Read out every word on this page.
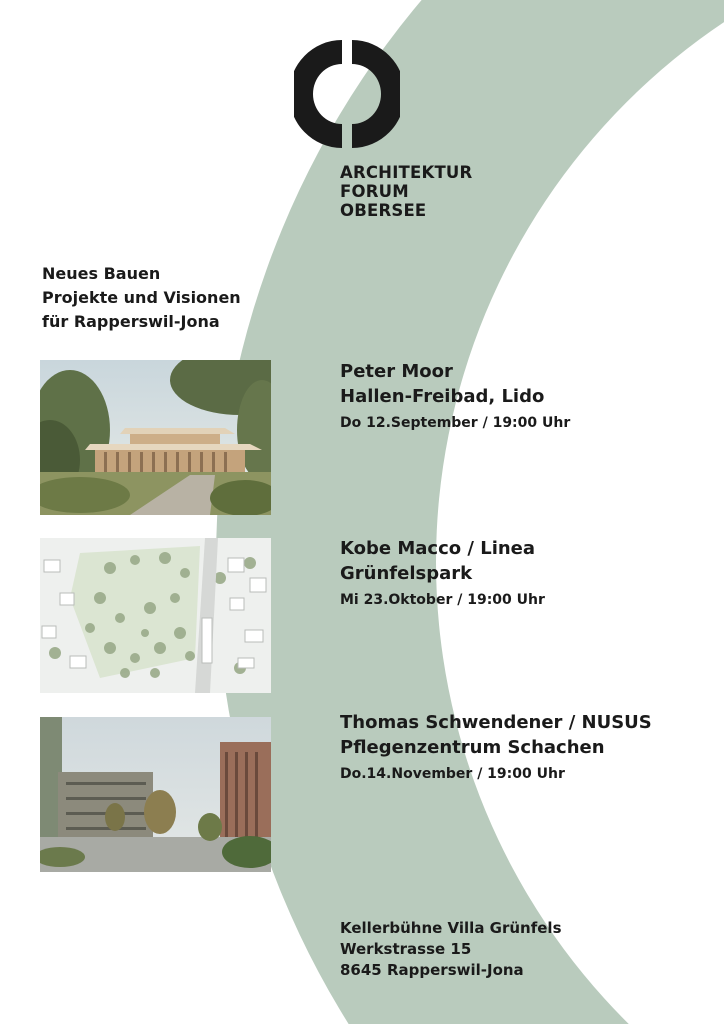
ARCHITEKTUR
FORUM
OBERSEE
Neues Bauen
Projekte und Visionen
für Rapperswil-Jona
Peter Moor
Hallen-Freibad, Lido
Do 12.September / 19:00 Uhr
Kobe Macco / Linea
Grünfelspark
Mi 23.Oktober / 19:00 Uhr
Thomas Schwendener / NUSUS
Pflegenzentrum Schachen
Do.14.November / 19:00 Uhr
Kellerbühne Villa Grünfels
Werkstrasse 15
8645 Rapperswil-Jona
